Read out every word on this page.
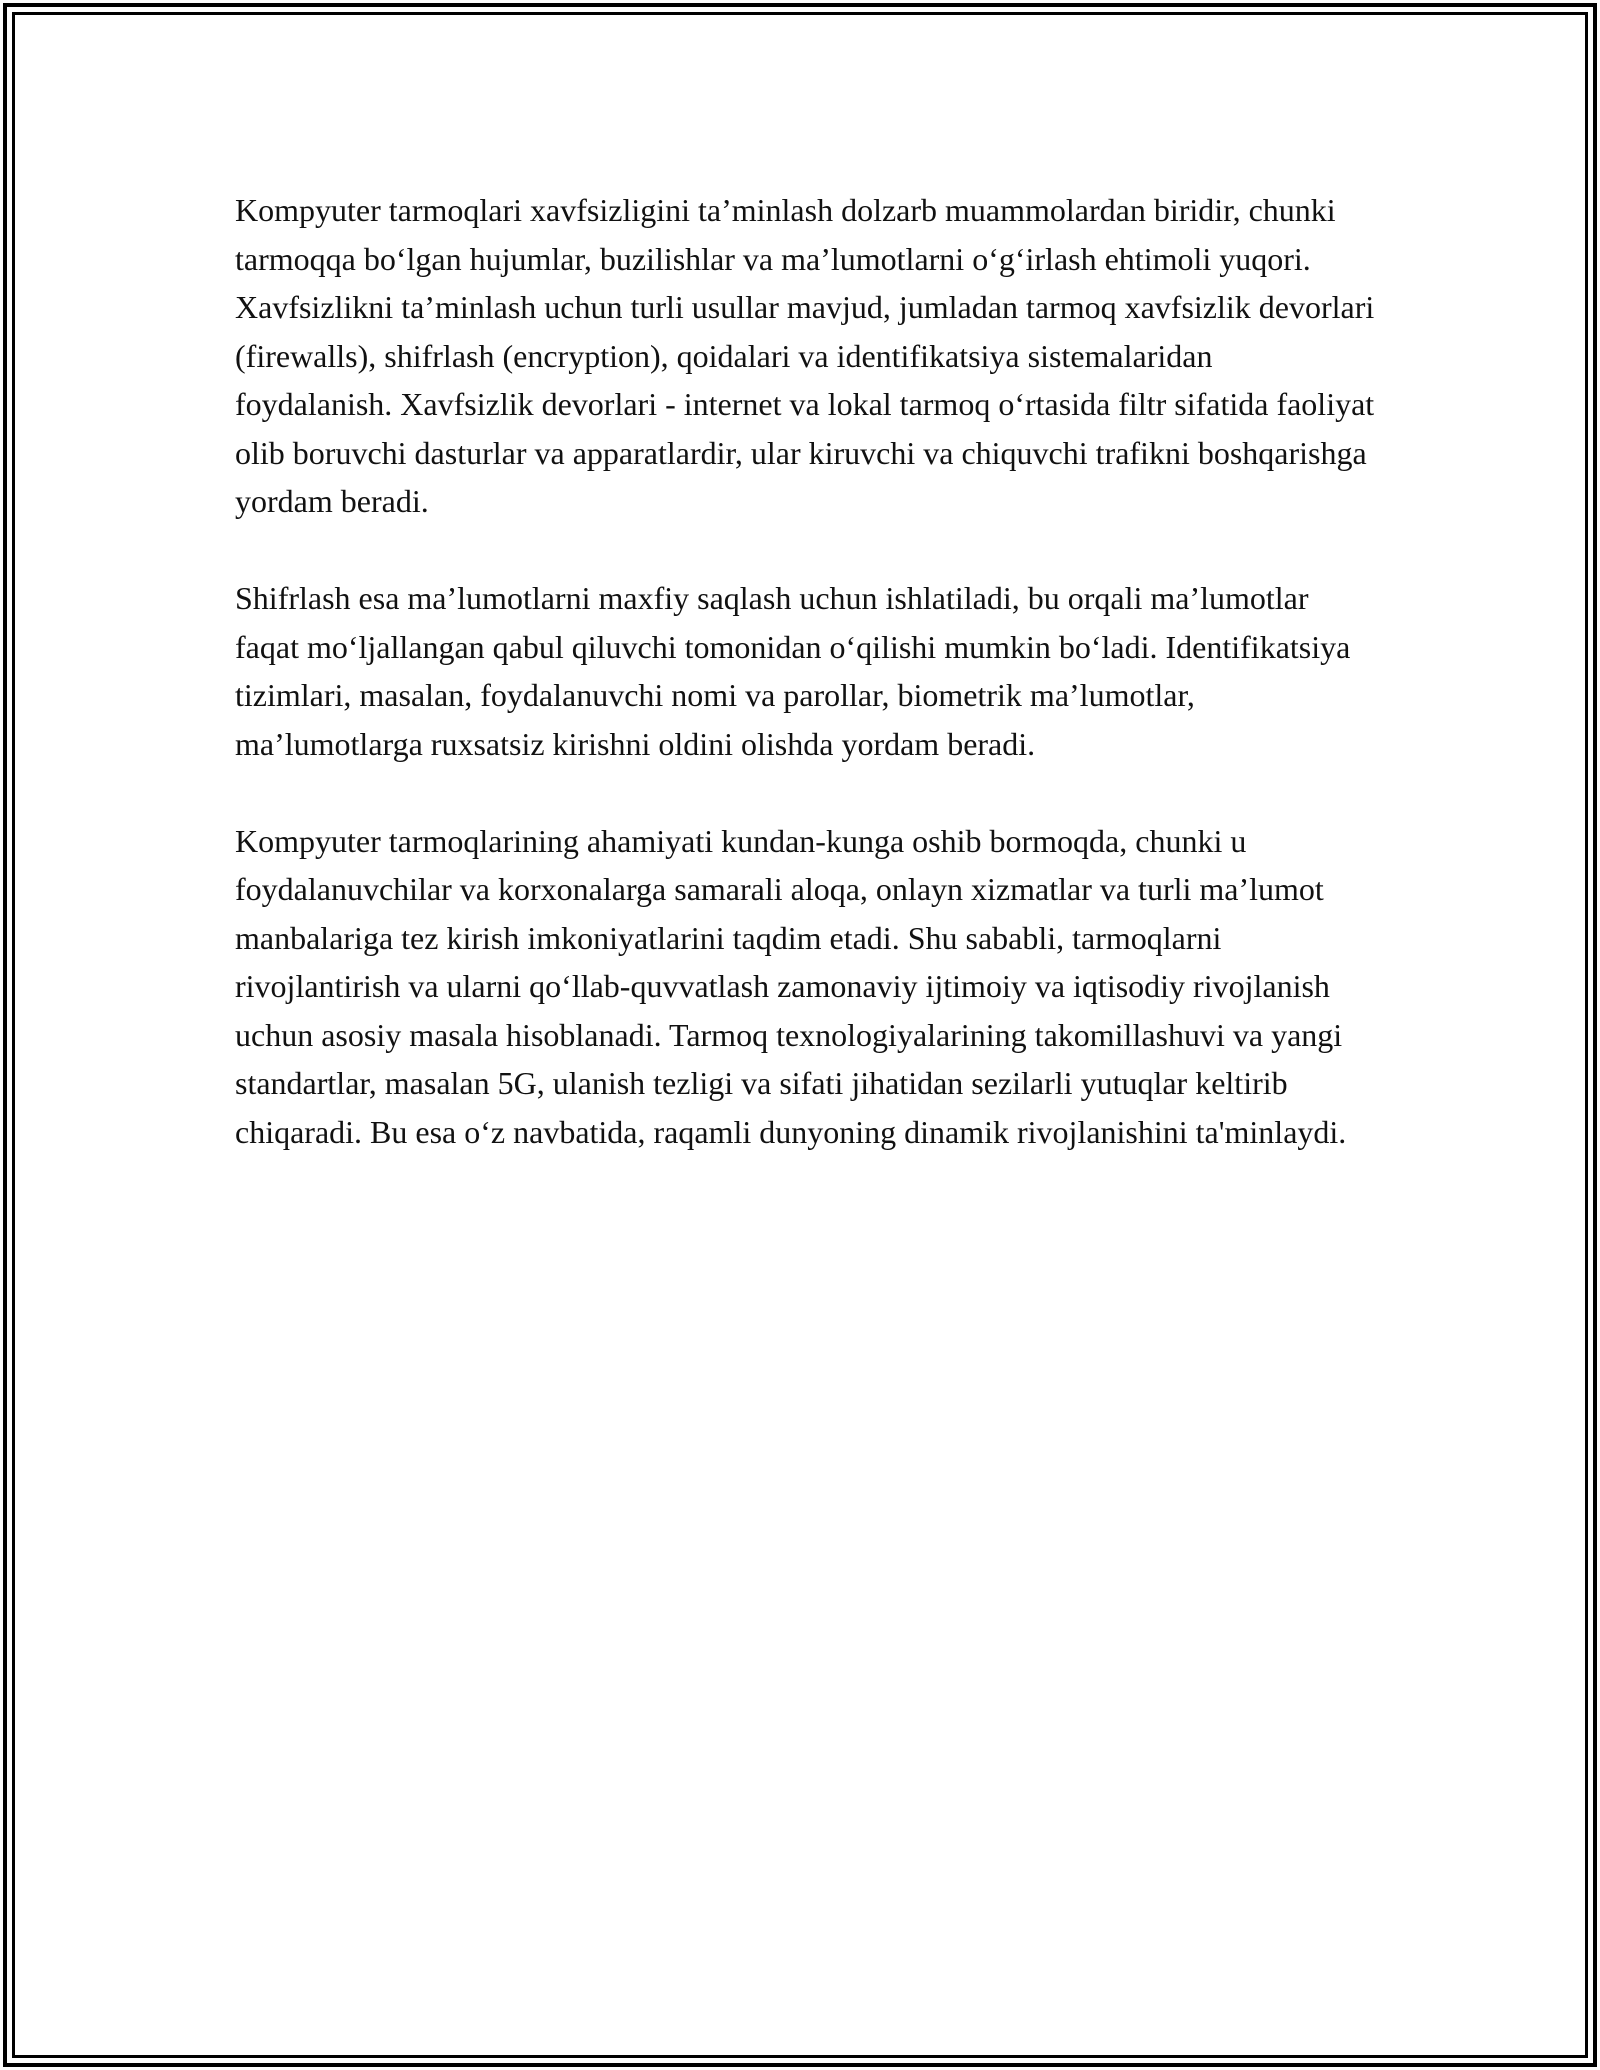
Kompyuter tarmoqlari xavfsizligini ta’minlash dolzarb muammolardan biridir, chunki tarmoqqa bo‘lgan hujumlar, buzilishlar va ma’lumotlarni o‘g‘irlash ehtimoli yuqori. Xavfsizlikni ta’minlash uchun turli usullar mavjud, jumladan tarmoq xavfsizlik devorlari (firewalls), shifrlash (encryption), qoidalari va identifikatsiya sistemalaridan foydalanish. Xavfsizlik devorlari - internet va lokal tarmoq o‘rtasida filtr sifatida faoliyat olib boruvchi dasturlar va apparatlardir, ular kiruvchi va chiquvchi trafikni boshqarishga yordam beradi.

Shifrlash esa ma’lumotlarni maxfiy saqlash uchun ishlatiladi, bu orqali ma’lumotlar faqat mo‘ljallangan qabul qiluvchi tomonidan o‘qilishi mumkin bo‘ladi. Identifikatsiya tizimlari, masalan, foydalanuvchi nomi va parollar, biometrik ma’lumotlar, ma’lumotlarga ruxsatsiz kirishni oldini olishda yordam beradi.

Kompyuter tarmoqlarining ahamiyati kundan-kunga oshib bormoqda, chunki u foydalanuvchilar va korxonalarga samarali aloqa, onlayn xizmatlar va turli ma’lumot manbalariga tez kirish imkoniyatlarini taqdim etadi. Shu sababli, tarmoqlarni rivojlantirish va ularni qo‘llab-quvvatlash zamonaviy ijtimoiy va iqtisodiy rivojlanish uchun asosiy masala hisoblanadi. Tarmoq texnologiyalarining takomillashuvi va yangi standartlar, masalan 5G, ulanish tezligi va sifati jihatidan sezilarli yutuqlar keltirib chiqaradi. Bu esa o‘z navbatida, raqamli dunyoning dinamik rivojlanishini ta'minlaydi.
